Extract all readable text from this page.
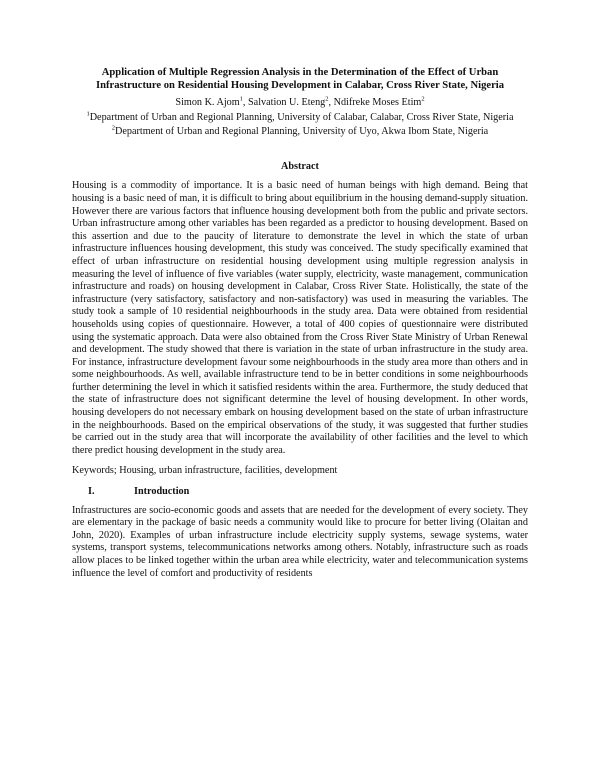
Application of Multiple Regression Analysis in the Determination of the Effect of Urban Infrastructure on Residential Housing Development in Calabar, Cross River State, Nigeria
Simon K. Ajom$^1$, Salvation U. Eteng$^2$, Ndifreke Moses Etim$^2$
$^1$Department of Urban and Regional Planning, University of Calabar, Calabar, Cross River State, Nigeria
$^2$Department of Urban and Regional Planning, University of Uyo, Akwa Ibom State, Nigeria
Abstract

Housing is a commodity of importance. It is a basic need of human beings with high demand. Being that housing is a basic need of man, it is difficult to bring about equilibrium in the housing demand-supply situation. However there are various factors that influence housing development both from the public and private sectors. Urban infrastructure among other variables has been regarded as a predictor to housing development. Based on this assertion and due to the paucity of literature to demonstrate the level in which the state of urban infrastructure influences housing development, this study was conceived. The study specifically examined that effect of urban infrastructure on residential housing development using multiple regression analysis in measuring the level of influence of five variables (water supply, electricity, waste management, communication infrastructure and roads) on housing development in Calabar, Cross River State. Holistically, the state of the infrastructure (very satisfactory, satisfactory and non-satisfactory) was used in measuring the variables. The study took a sample of 10 residential neighbourhoods in the study area. Data were obtained from residential households using copies of questionnaire. However, a total of 400 copies of questionnaire were distributed using the systematic approach. Data were also obtained from the Cross River State Ministry of Urban Renewal and development. The study showed that there is variation in the state of urban infrastructure in the study area. For instance, infrastructure development favour some neighbourhoods in the study area more than others and in some neighbourhoods. As well, available infrastructure tend to be in better conditions in some neighbourhoods further determining the level in which it satisfied residents within the area. Furthermore, the study deduced that the state of infrastructure does not significant determine the level of housing development. In other words, housing developers do not necessary embark on housing development based on the state of urban infrastructure in the neighbourhoods. Based on the empirical observations of the study, it was suggested that further studies be carried out in the study area that will incorporate the availability of other facilities and the level to which there predict housing development in the study area.

Keywords; Housing, urban infrastructure, facilities, development

I.	Introduction

Infrastructures are socio-economic goods and assets that are needed for the development of every society. They are elementary in the package of basic needs a community would like to procure for better living (Olaitan and John, 2020). Examples of urban infrastructure include electricity supply systems, sewage systems, water systems, transport systems, telecommunications networks among others. Notably, infrastructure such as roads allow places to be linked together within the urban area while electricity, water and telecommunication systems influence the level of comfort and productivity of residents
